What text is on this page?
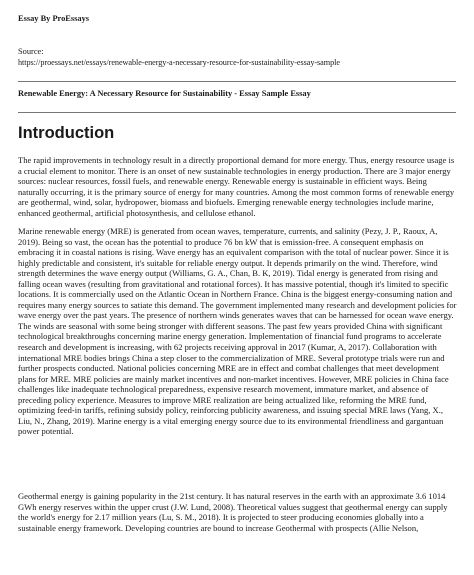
Essay By ProEssays
Source:
https://proessays.net/essays/renewable-energy-a-necessary-resource-for-sustainability-essay-sample
Renewable Energy: A Necessary Resource for Sustainability - Essay Sample Essay
Introduction

The rapid improvements in technology result in a directly proportional demand for more energy. Thus, energy resource usage is a crucial element to monitor. There is an onset of new sustainable technologies in energy production. There are 3 major energy sources: nuclear resources, fossil fuels, and renewable energy. Renewable energy is sustainable in efficient ways. Being naturally occurring, it is the primary source of energy for many countries. Among the most common forms of renewable energy are geothermal, wind, solar, hydropower, biomass and biofuels. Emerging renewable energy technologies include marine, enhanced geothermal, artificial photosynthesis, and cellulose ethanol.

Marine renewable energy (MRE) is generated from ocean waves, temperature, currents, and salinity (Pezy, J. P., Raoux, A, 2019). Being so vast, the ocean has the potential to produce 76 bn kW that is emission-free. A consequent emphasis on embracing it in coastal nations is rising. Wave energy has an equivalent comparison with the total of nuclear power. Since it is highly predictable and consistent, it's suitable for reliable energy output. It depends primarily on the wind. Therefore, wind strength determines the wave energy output (Williams, G. A., Chan, B. K, 2019). Tidal energy is generated from rising and falling ocean waves (resulting from gravitational and rotational forces). It has massive potential, though it's limited to specific locations. It is commercially used on the Atlantic Ocean in Northern France. China is the biggest energy-consuming nation and requires many energy sources to satiate this demand. The government implemented many research and development policies for wave energy over the past years. The presence of northern winds generates waves that can be harnessed for ocean wave energy. The winds are seasonal with some being stronger with different seasons. The past few years provided China with significant technological breakthroughs concerning marine energy generation. Implementation of financial fund programs to accelerate research and development is increasing, with 62 projects receiving approval in 2017 (Kumar, A, 2017). Collaboration with international MRE bodies brings China a step closer to the commercialization of MRE. Several prototype trials were run and further prospects conducted. National policies concerning MRE are in effect and combat challenges that meet development plans for MRE. MRE policies are mainly market incentives and non-market incentives. However, MRE policies in China face challenges like inadequate technological preparedness, expensive research movement, immature market, and absence of preceding policy experience. Measures to improve MRE realization are being actualized like, reforming the MRE fund, optimizing feed-in tariffs, refining subsidy policy, reinforcing publicity awareness, and issuing special MRE laws (Yang, X., Liu, N., Zhang, 2019). Marine energy is a vital emerging energy source due to its environmental friendliness and gargantuan power potential.

Geothermal energy is gaining popularity in the 21st century. It has natural reserves in the earth with an approximate 3.6 1014 GWh energy reserves within the upper crust (J.W. Lund, 2008). Theoretical values suggest that geothermal energy can supply the world's energy for 2.17 million years (Lu, S. M., 2018). It is projected to steer producing economies globally into a sustainable energy framework. Developing countries are bound to increase Geothermal with prospects (Allie Nelson,
